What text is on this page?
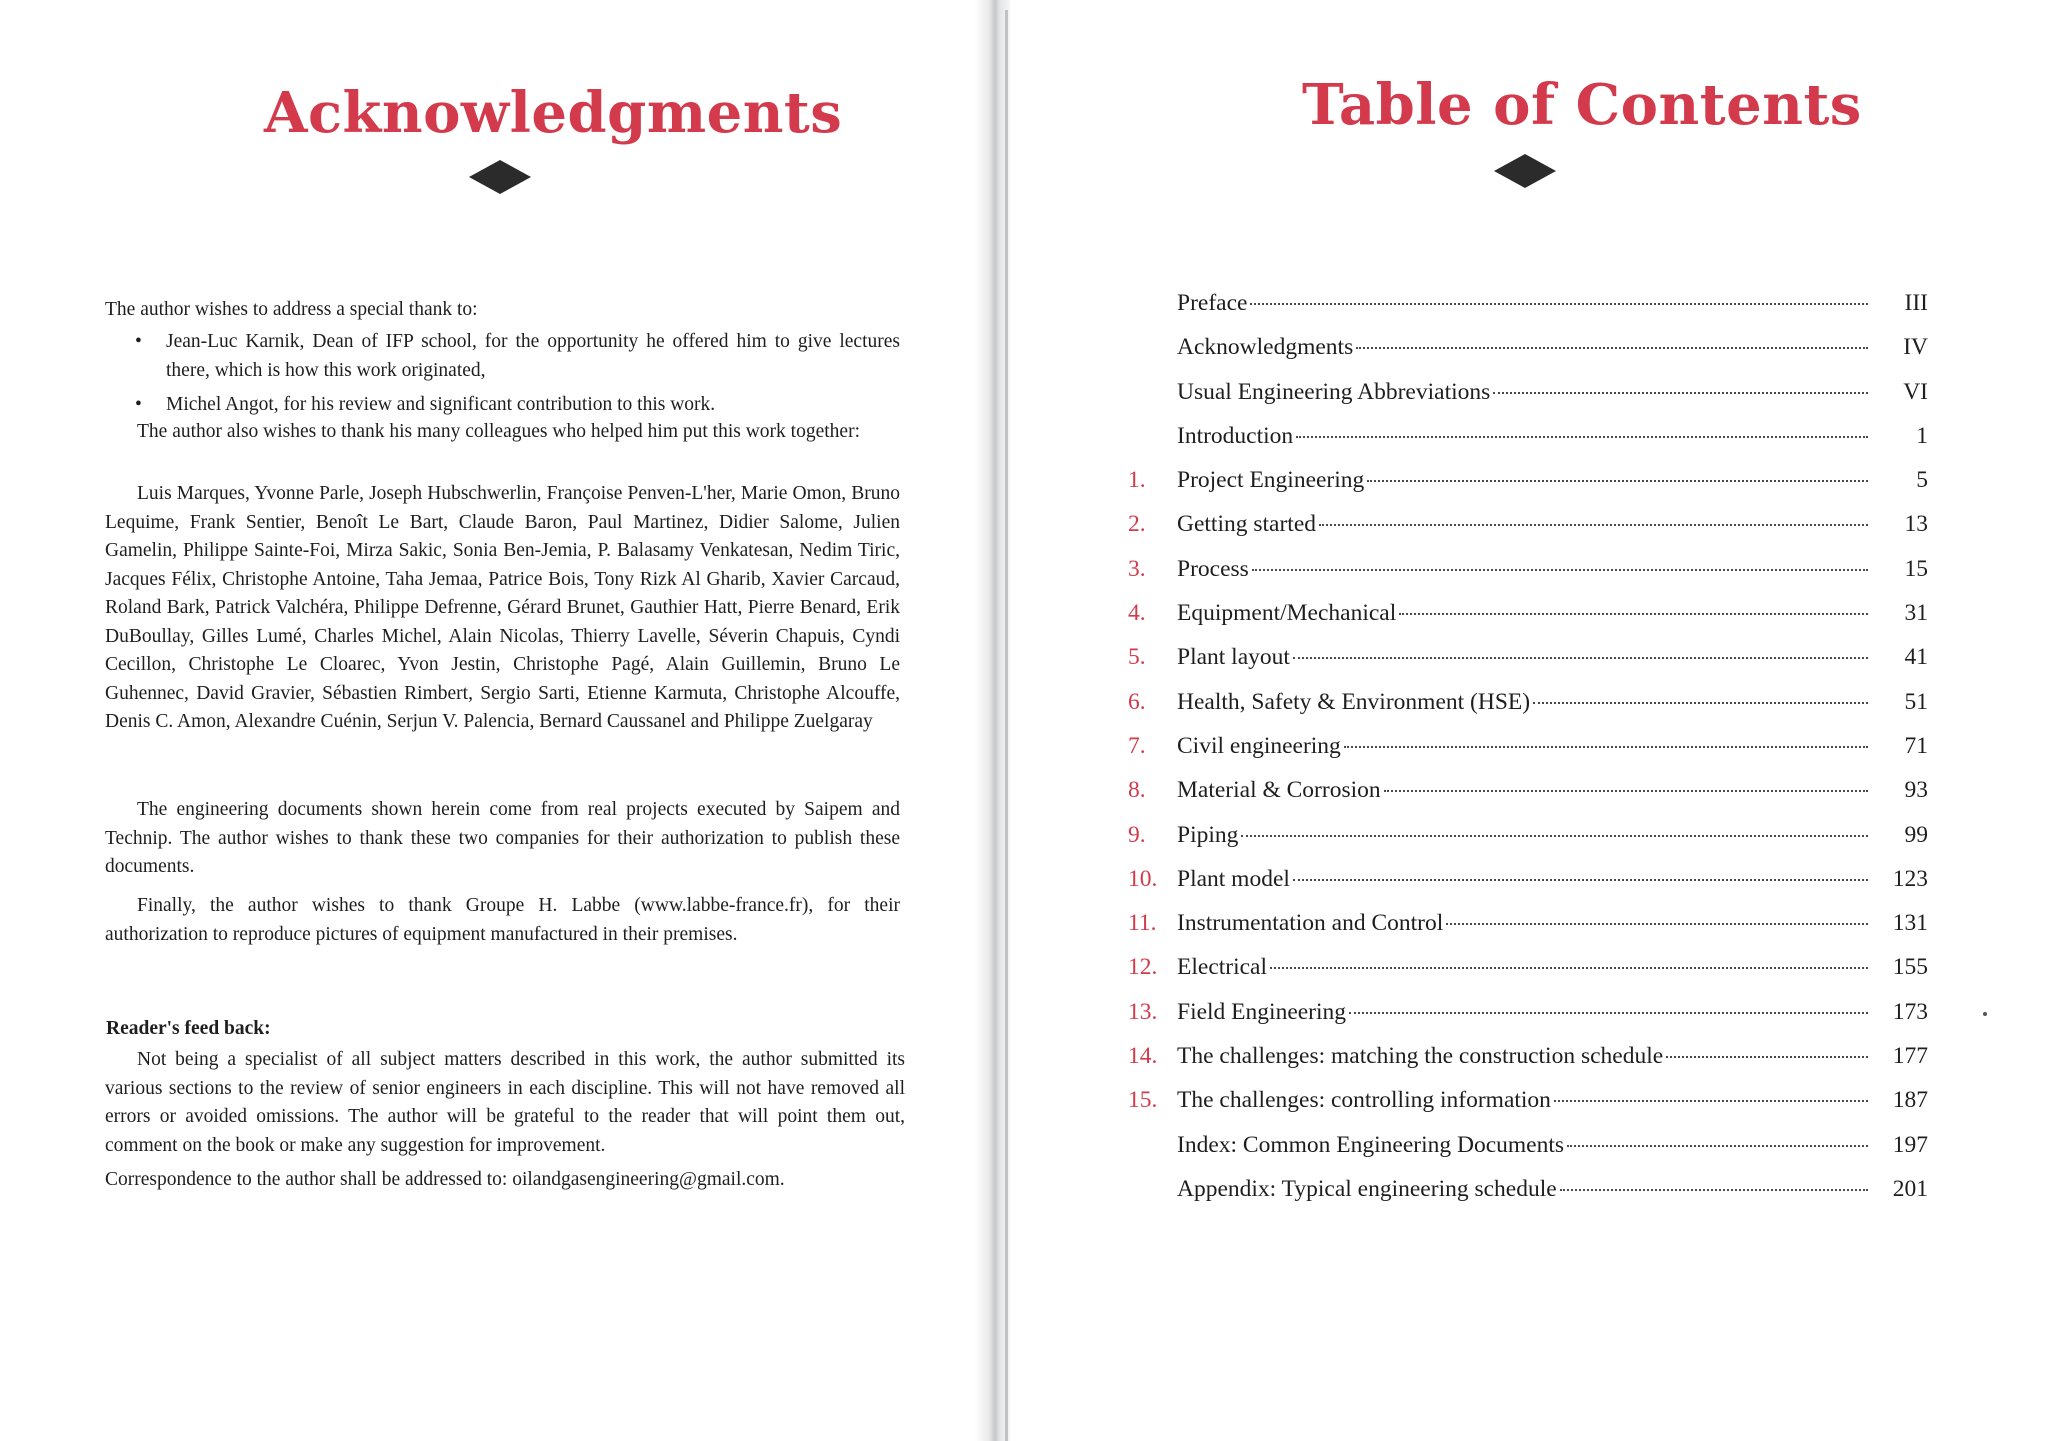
Acknowledgments
The author wishes to address a special thank to:
• Jean-Luc Karnik, Dean of IFP school, for the opportunity he offered him to give lectures there, which is how this work originated,
• Michel Angot, for his review and significant contribution to this work.

The author also wishes to thank his many colleagues who helped him put this work together:

Luis Marques, Yvonne Parle, Joseph Hubschwerlin, Françoise Penven-L'her, Marie Omon, Bruno Lequime, Frank Sentier, Benoît Le Bart, Claude Baron, Paul Martinez, Didier Salome, Julien Gamelin, Philippe Sainte-Foi, Mirza Sakic, Sonia Ben-Jemia, P. Balasamy Venkatesan, Nedim Tiric, Jacques Félix, Christophe Antoine, Taha Jemaa, Patrice Bois, Tony Rizk Al Gharib, Xavier Carcaud, Roland Bark, Patrick Valchéra, Philippe Defrenne, Gérard Brunet, Gauthier Hatt, Pierre Benard, Erik DuBoullay, Gilles Lumé, Charles Michel, Alain Nicolas, Thierry Lavelle, Séverin Chapuis, Cyndi Cecillon, Christophe Le Cloarec, Yvon Jestin, Christophe Pagé, Alain Guillemin, Bruno Le Guhennec, David Gravier, Sébastien Rimbert, Sergio Sarti, Etienne Karmuta, Christophe Alcouffe, Denis C. Amon, Alexandre Cuénin, Serjun V. Palencia, Bernard Caussanel and Philippe Zuelgaray

The engineering documents shown herein come from real projects executed by Saipem and Technip. The author wishes to thank these two companies for their authorization to publish these documents.

Finally, the author wishes to thank Groupe H. Labbe (www.labbe-france.fr), for their authorization to reproduce pictures of equipment manufactured in their premises.

Reader's feed back:

Not being a specialist of all subject matters described in this work, the author submitted its various sections to the review of senior engineers in each discipline. This will not have removed all errors or avoided omissions. The author will be grateful to the reader that will point them out, comment on the book or make any suggestion for improvement.

Correspondence to the author shall be addressed to: oilandgasengineering@gmail.com.

Table of Contents
Preface	III
Acknowledgments	IV
Usual Engineering Abbreviations	VI
Introduction	1
1.	Project Engineering	5
2.	Getting started	13
3.	Process	15
4.	Equipment/Mechanical	31
5.	Plant layout	41
6.	Health, Safety & Environment (HSE)	51
7.	Civil engineering	71
8.	Material & Corrosion	93
9.	Piping	99
10. Plant model	123
11. Instrumentation and Control	131
12. Electrical	155
13. Field Engineering	173
14. The challenges: matching the construction schedule	177
15. The challenges: controlling information	187
Index: Common Engineering Documents	197
Appendix: Typical engineering schedule	201
